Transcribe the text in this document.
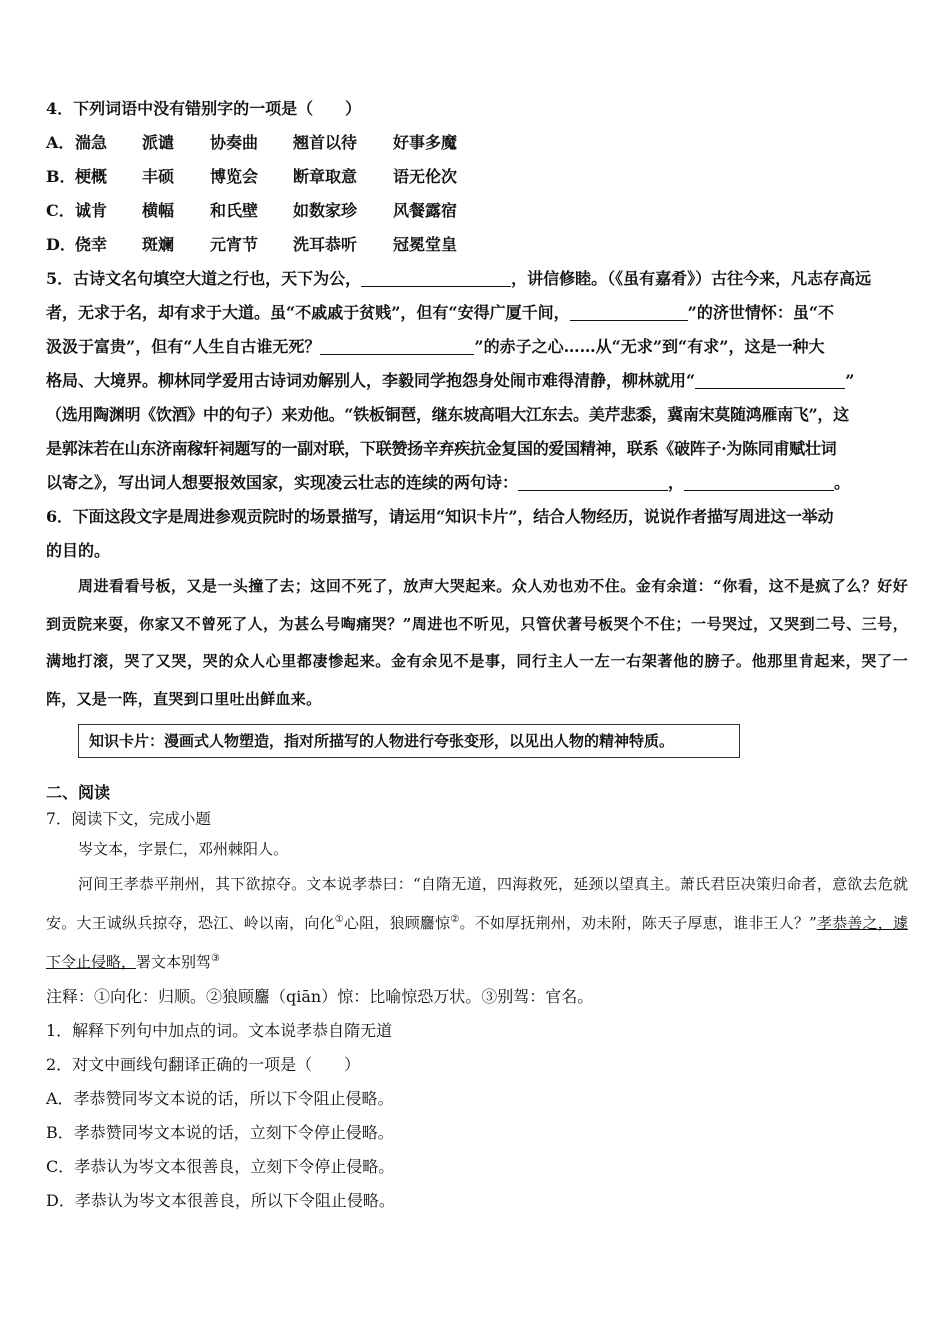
4．下列词语中没有错别字的一项是（　　）
A． 湍急	派谴	协奏曲	翘首以待	好事多魔
B． 梗概	丰硕	博览会	断章取意	语无伦次
C． 诚肯	横幅	和氏壁	如数家珍	风餐露宿
D． 侥幸	斑斓	元宵节	洗耳恭听	冠冕堂皇
5．古诗文名句填空大道之行也，天下为公，	，讲信修睦。（《虽有嘉肴》）古往今来，凡志存高远
者，无求于名，却有求于大道。虽“不戚戚于贫贱”，但有“安得广厦千间，	”的济世情怀：虽“不
汲汲于富贵”，但有“人生自古谁无死？	”的赤子之心……从“无求”到“有求”，这是一种大
格局、大境界。柳林同学爱用古诗词劝解别人，李毅同学抱怨身处闹市难得清静，柳林就用“	”
（选用陶渊明《饮酒》中的句子）来劝他。“铁板铜琶，继东坡高唱大江东去。美芹悲黍，冀南宋莫随鸿雁南飞”，这
是郭沫若在山东济南稼轩祠题写的一副对联，下联赞扬辛弃疾抗金复国的爱国精神，联系《破阵子·为陈同甫赋壮词
以寄之》，写出词人想要报效国家，实现凌云壮志的连续的两句诗：	，	。
6．下面这段文字是周进参观贡院时的场景描写，请运用“知识卡片”，结合人物经历，说说作者描写周进这一举动
的目的。
周进看看号板，又是一头撞了去；这回不死了，放声大哭起来。众人劝也劝不住。金有余道：“你看，这不是疯了么？好好到贡院来耍，你家又不曾死了人，为甚么号啕痛哭？”周进也不听见，只管伏著号板哭个不住；一号哭过，又哭到二号、三号，满地打滚，哭了又哭，哭的众人心里都凄惨起来。金有余见不是事，同行主人一左一右架著他的膀子。他那里肯起来，哭了一阵，又是一阵，直哭到口里吐出鲜血来。
知识卡片：漫画式人物塑造，指对所描写的人物进行夸张变形，以见出人物的精神特质。
二、阅读
7．阅读下文，完成小题
岑文本，字景仁，邓州棘阳人。
河间王孝恭平荆州，其下欲掠夺。文本说孝恭曰：“自隋无道，四海救死，延颈以望真主。萧氏君臣决策归命者，意欲去危就安。大王诚纵兵掠夺，恐江、岭以南，向化①心阻，狼顾麢惊②。不如厚抚荆州，劝未附，陈天子厚恵，谁非王人？”孝恭善之，遽下令止侵略，署文本别驾③
注释：①向化：归顺。②狼顾麢（qiān）惊：比喻惊恐万状。③别驾：官名。
1．解释下列句中加点的词。文本说孝恭自隋无道
2．对文中画线句翻译正确的一项是（　　）
A．孝恭赞同岑文本说的话，所以下令阻止侵略。
B．孝恭赞同岑文本说的话，立刻下令停止侵略。
C．孝恭认为岑文本很善良，立刻下令停止侵略。
D．孝恭认为岑文本很善良，所以下令阻止侵略。
